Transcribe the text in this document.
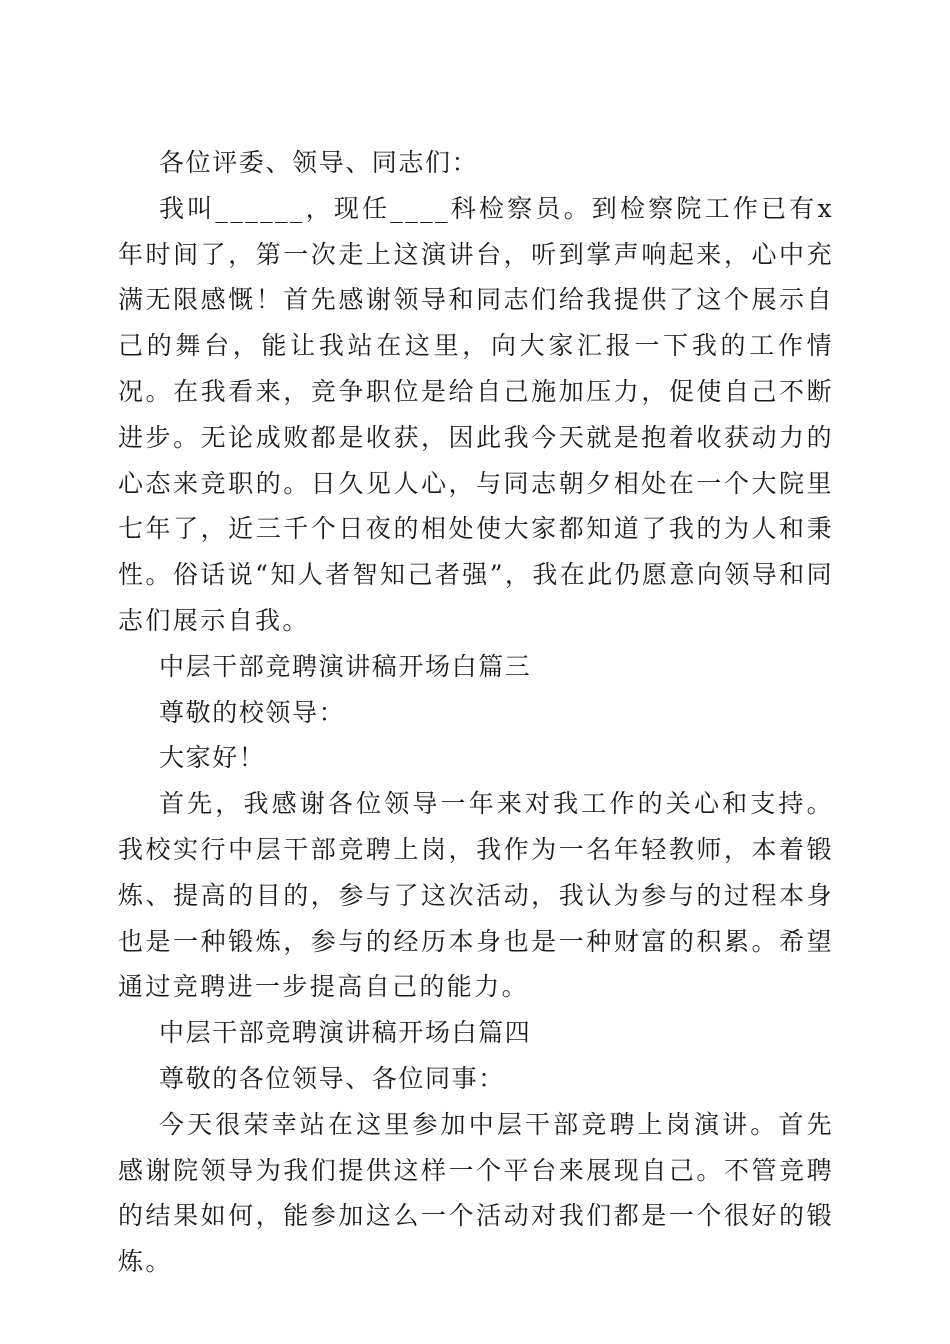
各位评委、领导、同志们：

我叫______，现任____科检察员。到检察院工作已有x年时间了，第一次走上这演讲台，听到掌声响起来，心中充满无限感慨！首先感谢领导和同志们给我提供了这个展示自己的舞台，能让我站在这里，向大家汇报一下我的工作情况。在我看来，竞争职位是给自己施加压力，促使自己不断进步。无论成败都是收获，因此我今天就是抱着收获动力的心态来竞职的。日久见人心，与同志朝夕相处在一个大院里七年了，近三千个日夜的相处使大家都知道了我的为人和秉性。俗话说“知人者智知己者强”，我在此仍愿意向领导和同志们展示自我。

中层干部竞聘演讲稿开场白篇三

尊敬的校领导：

大家好！

首先，我感谢各位领导一年来对我工作的关心和支持。我校实行中层干部竞聘上岗，我作为一名年轻教师，本着锻炼、提高的目的，参与了这次活动，我认为参与的过程本身也是一种锻炼，参与的经历本身也是一种财富的积累。希望通过竞聘进一步提高自己的能力。

中层干部竞聘演讲稿开场白篇四

尊敬的各位领导、各位同事：

今天很荣幸站在这里参加中层干部竞聘上岗演讲。首先感谢院领导为我们提供这样一个平台来展现自己。不管竞聘的结果如何，能参加这么一个活动对我们都是一个很好的锻炼。
